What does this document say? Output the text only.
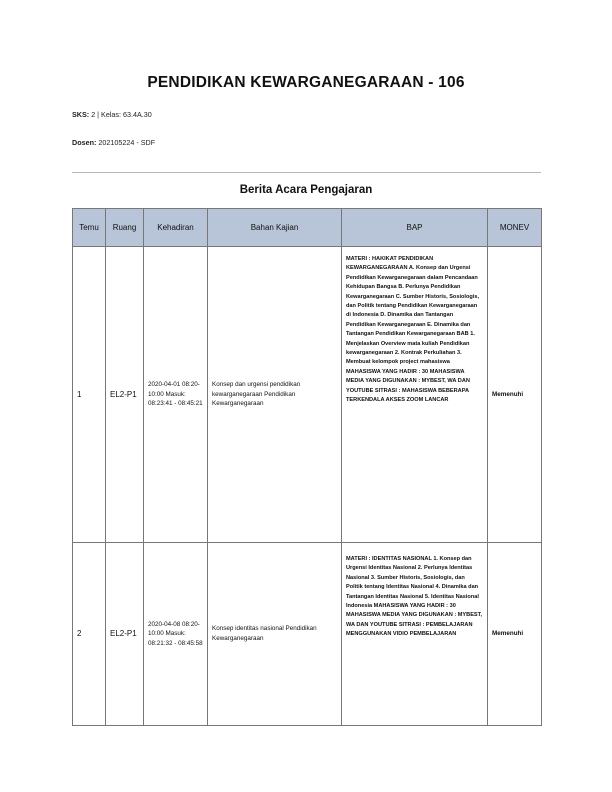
PENDIDIKAN KEWARGANEGARAAN - 106
SKS: 2 | Kelas: 63.4A.30
Dosen: 202105224 - SDF
Berita Acara Pengajaran
Temu	Ruang	Kehadiran	Bahan Kajian	BAP	MONEV
1	EL2-P1	2020-04-01 08:20-10:00 Masuk: 08:23:41 - 08:45:21	Konsep dan urgensi pendidikan kewarganegaraan Pendidikan Kewarganegaraan	MATERI : HAKIKAT PENDIDIKAN KEWARGANEGARAAN A. Konsep dan Urgensi Pendidikan Kewarganegaraan dalam Pencandaan Kehidupan Bangsa B. Perlunya Pendidikan Kewarganegaraan C. Sumber Historis, Sosiologis, dan Politik tentang Pendidikan Kewarganegaraan di Indonesia D. Dinamika dan Tantangan Pendidikan Kewarganegaraan E. Dinamika dan Tantangan Pendidikan Kewarganegaraan BAB 1. Menjelaskan Overview mata kuliah Pendidikan kewarganegaraan 2. Kontrak Perkuliahan 3. Membuat kelompok project mahasiswa MAHASISWA YANG HADIR : 30 MAHASISWA MEDIA YANG DIGUNAKAN : MYBEST, WA DAN YOUTUBE SITRASI : MAHASISWA BEBERAPA TERKENDALA AKSES ZOOM LANCAR	Memenuhi
2	EL2-P1	2020-04-08 08:20-10:00 Masuk: 08:21:32 - 08:45:58	Konsep identitas nasional Pendidikan Kewarganegaraan	MATERI : IDENTITAS NASIONAL 1. Konsep dan Urgensi Identitas Nasional 2. Perlunya Identitas Nasional 3. Sumber Historis, Sosiologis, dan Politik tentang Identitas Nasional 4. Dinamika dan Tantangan Identitas Nasional 5. Identitas Nasional Indonesia MAHASISWA YANG HADIR : 30 MAHASISWA MEDIA YANG DIGUNAKAN : MYBEST, WA DAN YOUTUBE SITRASI : PEMBELAJARAN MENGGUNAKAN VIDIO PEMBELAJARAN	Memenuhi
